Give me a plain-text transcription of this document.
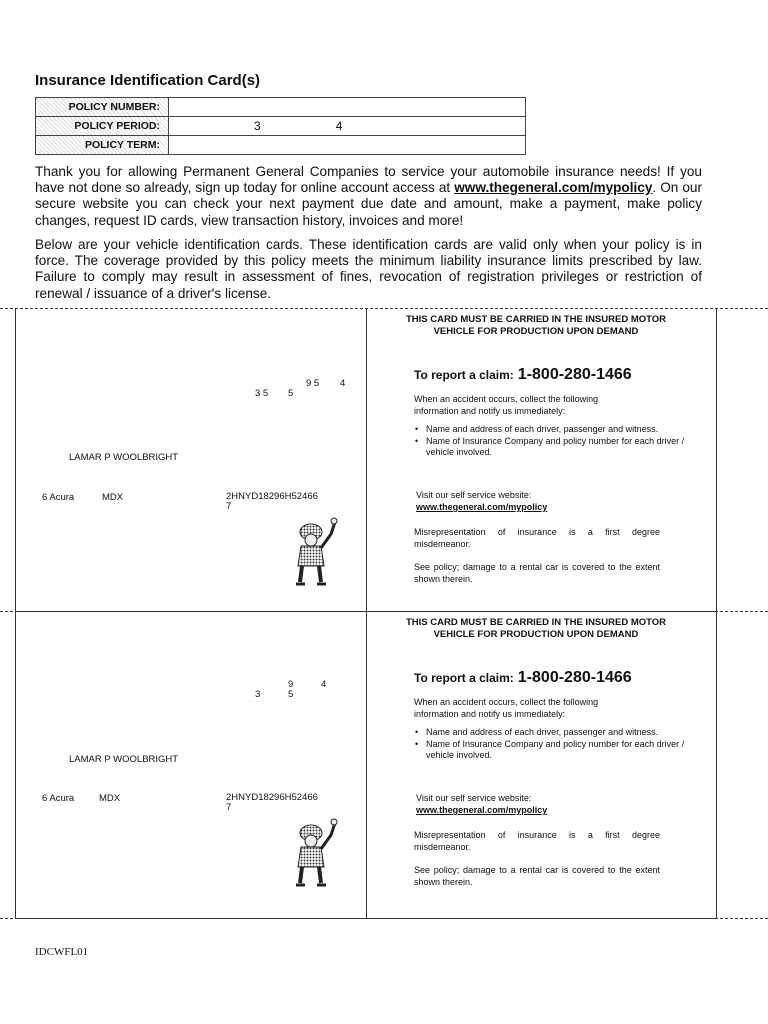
Insurance Identification Card(s)
POLICY NUMBER:	
POLICY PERIOD:	3 4
POLICY TERM:	
Thank you for allowing Permanent General Companies to service your automobile insurance needs! If you have not done so already, sign up today for online account access at www.thegeneral.com/mypolicy. On our secure website you can check your next payment due date and amount, make a payment, make policy changes, request ID cards, view transaction history, invoices and more!
Below are your vehicle identification cards. These identification cards are valid only when your policy is in force. The coverage provided by this policy meets the minimum liability insurance limits prescribed by law. Failure to comply may result in assessment of fines, revocation of registration privileges or restriction of renewal / issuance of a driver's license.
9 5 4
3 5 5
LAMAR P WOOLBRIGHT
6 Acura	MDX	2HNYD18296H52466
7
THIS CARD MUST BE CARRIED IN THE INSURED MOTOR VEHICLE FOR PRODUCTION UPON DEMAND
To report a claim: 1-800-280-1466
When an accident occurs, collect the following information and notify us immediately:
• Name and address of each driver, passenger and witness.
• Name of Insurance Company and policy number for each driver / vehicle involved.
Visit our self service website:
www.thegeneral.com/mypolicy
Misrepresentation of insurance is a first degree misdemeanor.
See policy; damage to a rental car is covered to the extent shown therein.
9	4
3	5
LAMAR P WOOLBRIGHT
6 Acura	MDX	2HNYD18296H52466
7
THIS CARD MUST BE CARRIED IN THE INSURED MOTOR VEHICLE FOR PRODUCTION UPON DEMAND
To report a claim: 1-800-280-1466
When an accident occurs, collect the following information and notify us immediately:
• Name and address of each driver, passenger and witness.
• Name of Insurance Company and policy number for each driver / vehicle involved.
Visit our self service website:
www.thegeneral.com/mypolicy
Misrepresentation of insurance is a first degree misdemeanor.
See policy; damage to a rental car is covered to the extent shown therein.
IDCWFL01
